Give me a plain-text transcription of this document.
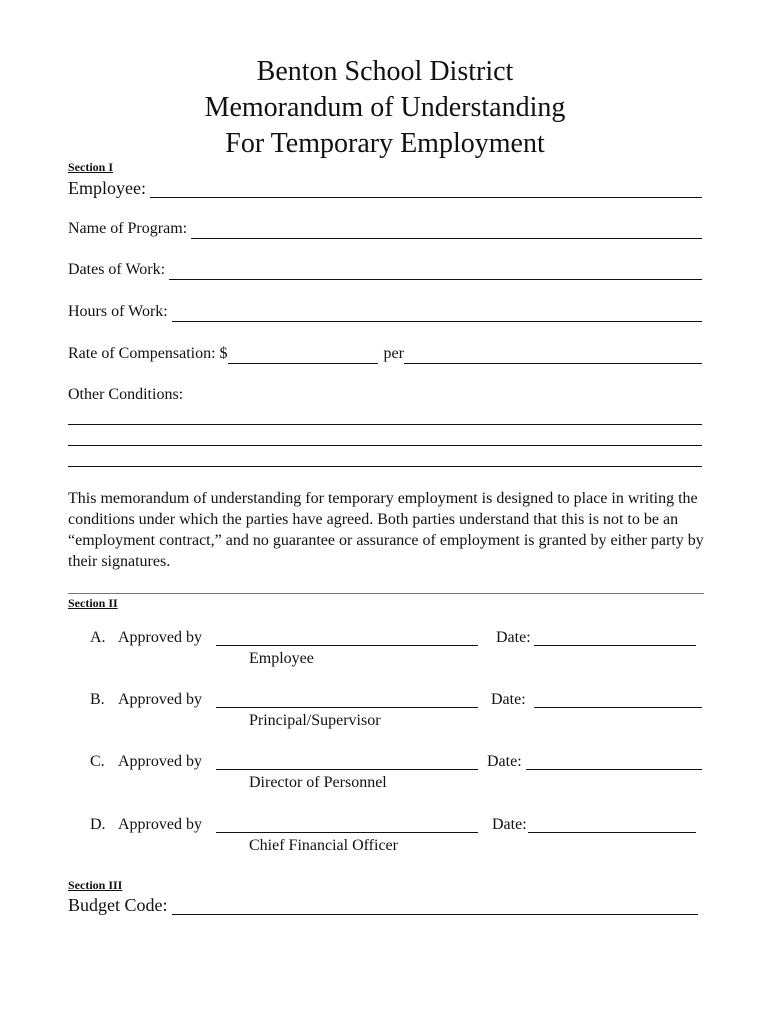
Benton School District
Memorandum of Understanding
For Temporary Employment
Section I
Employee:
Name of Program:
Dates of Work:
Hours of Work:
Rate of Compensation: $	per
Other Conditions:
This memorandum of understanding for temporary employment is designed to place in writing the conditions under which the parties have agreed. Both parties understand that this is not to be an “employment contract,” and no guarantee or assurance of employment is granted by either party by their signatures.
Section II
A. Approved by	Date:
Employee
B. Approved by	Date:
Principal/Supervisor
C. Approved by	Date:
Director of Personnel
D. Approved by	Date:
Chief Financial Officer
Section III
Budget Code:
